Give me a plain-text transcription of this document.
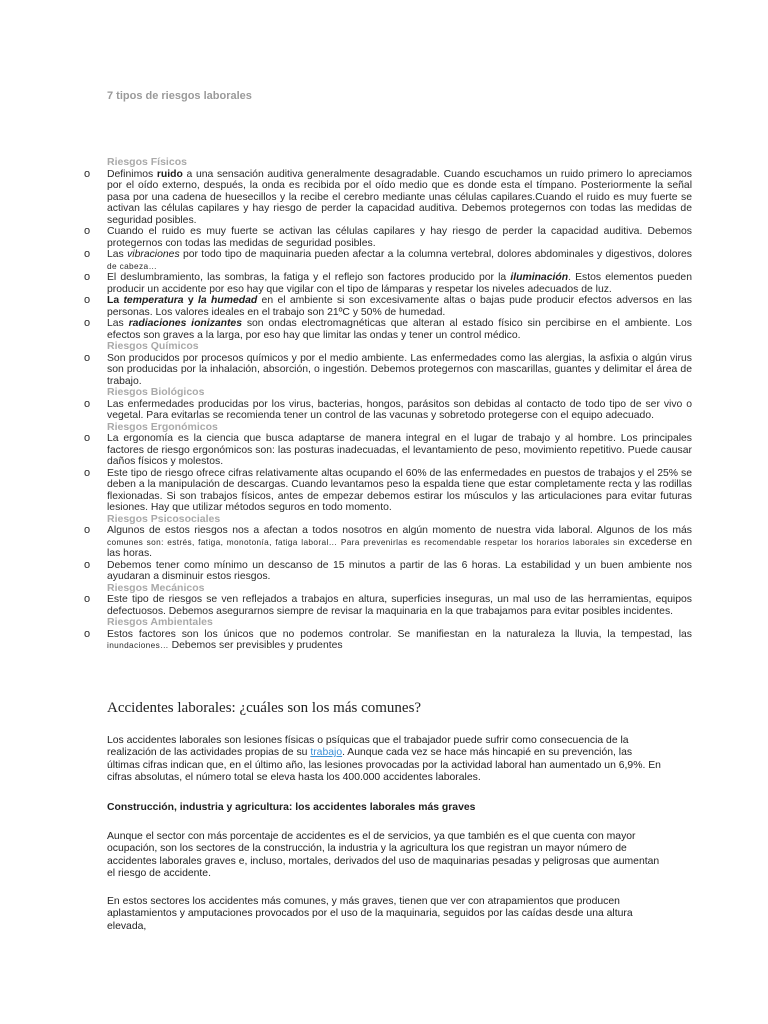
7 tipos de riesgos laborales

Riesgos Físicos

o Definimos ruido a una sensación auditiva generalmente desagradable. Cuando escuchamos un ruido primero lo apreciamos por el oído externo, después, la onda es recibida por el oído medio que es donde esta el tímpano. Posteriormente la señal pasa por una cadena de huesecillos y la recibe el cerebro mediante unas células capilares.Cuando el ruido es muy fuerte se activan las células capilares y hay riesgo de perder la capacidad auditiva. Debemos protegernos con todas las medidas de seguridad posibles.

o Cuando el ruido es muy fuerte se activan las células capilares y hay riesgo de perder la capacidad auditiva. Debemos protegernos con todas las medidas de seguridad posibles.

o Las vibraciones por todo tipo de maquinaria pueden afectar a la columna vertebral, dolores abdominales y digestivos, dolores de cabeza…

o El deslumbramiento, las sombras, la fatiga y el reflejo son factores producido por la iluminación. Estos elementos pueden producir un accidente por eso hay que vigilar con el tipo de lámparas y respetar los niveles adecuados de luz.

o La temperatura y la humedad en el ambiente si son excesivamente altas o bajas pude producir efectos adversos en las personas. Los valores ideales en el trabajo son 21ºC y 50% de humedad.

o Las radiaciones ionizantes son ondas electromagnéticas que alteran al estado físico sin percibirse en el ambiente. Los efectos son graves a la larga, por eso hay que limitar las ondas y tener un control médico.

Riesgos Químicos

o Son producidos por procesos químicos y por el medio ambiente. Las enfermedades como las alergias, la asfixia o algún virus son producidas por la inhalación, absorción, o ingestión. Debemos protegernos con mascarillas, guantes y delimitar el área de trabajo.

Riesgos Biológicos

o Las enfermedades producidas por los virus, bacterias, hongos, parásitos son debidas al contacto de todo tipo de ser vivo o vegetal. Para evitarlas se recomienda tener un control de las vacunas y sobretodo protegerse con el equipo adecuado.

Riesgos Ergonómicos

o La ergonomía es la ciencia que busca adaptarse de manera integral en el lugar de trabajo y al hombre. Los principales factores de riesgo ergonómicos son: las posturas inadecuadas, el levantamiento de peso, movimiento repetitivo. Puede causar daños físicos y molestos.

o Este tipo de riesgo ofrece cifras relativamente altas ocupando el 60% de las enfermedades en puestos de trabajos y el 25% se deben a la manipulación de descargas. Cuando levantamos peso la espalda tiene que estar completamente recta y las rodillas flexionadas. Si son trabajos físicos, antes de empezar debemos estirar los músculos y las articulaciones para evitar futuras lesiones. Hay que utilizar métodos seguros en todo momento.

Riesgos Psicosociales

o Algunos de estos riesgos nos a afectan a todos nosotros en algún momento de nuestra vida laboral. Algunos de los más comunes son: estrés, fatiga, monotonía, fatiga laboral… Para prevenirlas es recomendable respetar los horarios laborales sin excederse en las horas.

o Debemos tener como mínimo un descanso de 15 minutos a partir de las 6 horas. La estabilidad y un buen ambiente nos ayudaran a disminuir estos riesgos.

Riesgos Mecánicos

o Este tipo de riesgos se ven reflejados a trabajos en altura, superficies inseguras, un mal uso de las herramientas, equipos defectuosos. Debemos asegurarnos siempre de revisar la maquinaria en la que trabajamos para evitar posibles incidentes.

Riesgos Ambientales

o Estos factores son los únicos que no podemos controlar. Se manifiestan en la naturaleza la lluvia, la tempestad, las inundaciones… Debemos ser previsibles y prudentes

Accidentes laborales: ¿cuáles son los más comunes?

Los accidentes laborales son lesiones físicas o psíquicas que el trabajador puede sufrir como consecuencia de la realización de las actividades propias de su trabajo. Aunque cada vez se hace más hincapié en su prevención, las últimas cifras indican que, en el último año, las lesiones provocadas por la actividad laboral han aumentado un 6,9%. En cifras absolutas, el número total se eleva hasta los 400.000 accidentes laborales.

Construcción, industria y agricultura: los accidentes laborales más graves

Aunque el sector con más porcentaje de accidentes es el de servicios, ya que también es el que cuenta con mayor ocupación, son los sectores de la construcción, la industria y la agricultura los que registran un mayor número de accidentes laborales graves e, incluso, mortales, derivados del uso de maquinarias pesadas y peligrosas que aumentan el riesgo de accidente.

En estos sectores los accidentes más comunes, y más graves, tienen que ver con atrapamientos que producen aplastamientos y amputaciones provocados por el uso de la maquinaria, seguidos por las caídas desde una altura elevada,
